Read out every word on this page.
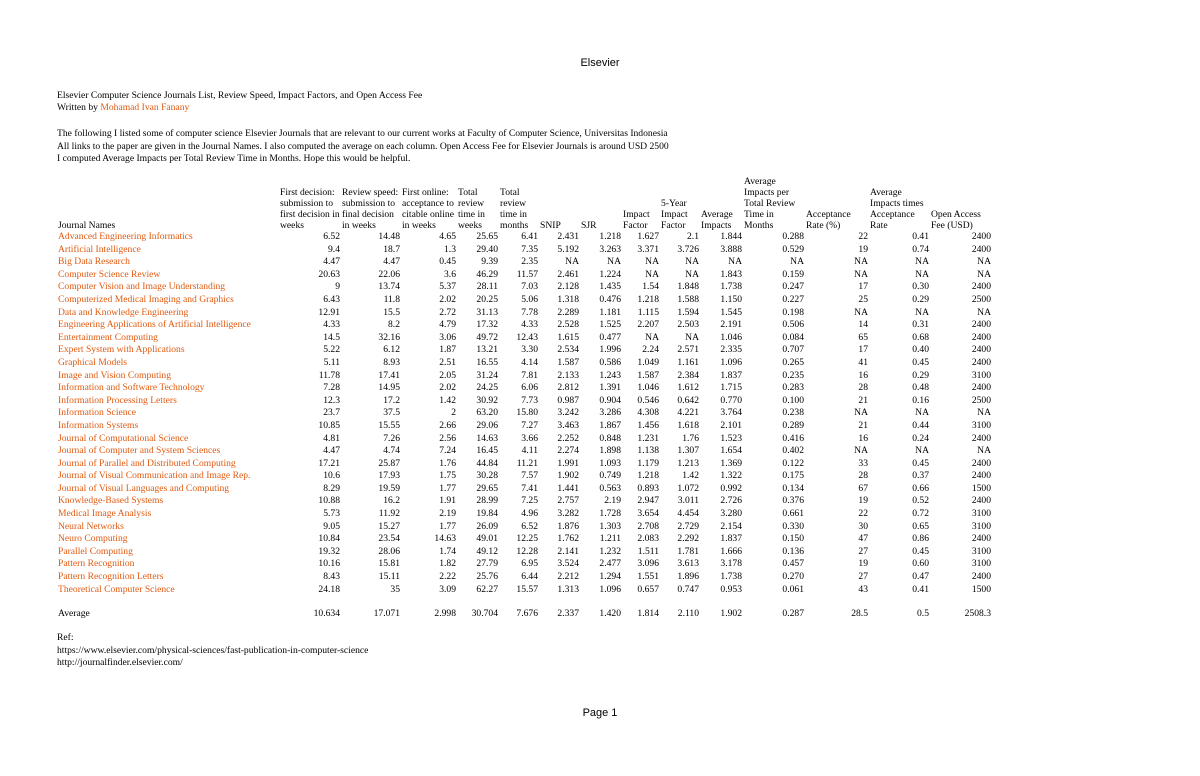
Elsevier
Elsevier Computer Science Journals List, Review Speed, Impact Factors, and Open Access Fee
Written by Mohamad Ivan Fanany
The following I listed some of computer science Elsevier Journals that are relevant to our current works at Faculty of Computer Science, Universitas Indonesia
All links to the paper are given in the Journal Names. I also computed the average on each column. Open Access Fee for Elsevier Journals is around USD 2500
I computed Average Impacts per Total Review Time in Months. Hope this would be helpful.
Journal Names	First decision: submission to first decision in weeks	Review speed: submission to final decision in weeks	First online: acceptance to citable online in weeks	Total review time in weeks	Total review time in months	SNIP	SJR	Impact Factor	5-Year Impact Factor	Average Impacts	Average Impacts per Total Review Time in Months	Acceptance Rate (%)	Average Impacts times Acceptance Rate	Open Access Fee (USD)
Advanced Engineering Informatics	6.52	14.48	4.65	25.65	6.41	2.431	1.218	1.627	2.1	1.844	0.288	22	0.41	2400
Artificial Intelligence	9.4	18.7	1.3	29.40	7.35	5.192	3.263	3.371	3.726	3.888	0.529	19	0.74	2400
Big Data Research	4.47	4.47	0.45	9.39	2.35	NA	NA	NA	NA	NA	NA	NA	NA	NA
Computer Science Review	20.63	22.06	3.6	46.29	11.57	2.461	1.224	NA	NA	1.843	0.159	NA	NA	NA
Computer Vision and Image Understanding	9	13.74	5.37	28.11	7.03	2.128	1.435	1.54	1.848	1.738	0.247	17	0.30	2400
Computerized Medical Imaging and Graphics	6.43	11.8	2.02	20.25	5.06	1.318	0.476	1.218	1.588	1.150	0.227	25	0.29	2500
Data and Knowledge Engineering	12.91	15.5	2.72	31.13	7.78	2.289	1.181	1.115	1.594	1.545	0.198	NA	NA	NA
Engineering Applications of Artificial Intelligence	4.33	8.2	4.79	17.32	4.33	2.528	1.525	2.207	2.503	2.191	0.506	14	0.31	2400
Entertainment Computing	14.5	32.16	3.06	49.72	12.43	1.615	0.477	NA	NA	1.046	0.084	65	0.68	2400
Expert System with Applications	5.22	6.12	1.87	13.21	3.30	2.534	1.996	2.24	2.571	2.335	0.707	17	0.40	2400
Graphical Models	5.11	8.93	2.51	16.55	4.14	1.587	0.586	1.049	1.161	1.096	0.265	41	0.45	2400
Image and Vision Computing	11.78	17.41	2.05	31.24	7.81	2.133	1.243	1.587	2.384	1.837	0.235	16	0.29	3100
Information and Software Technology	7.28	14.95	2.02	24.25	6.06	2.812	1.391	1.046	1.612	1.715	0.283	28	0.48	2400
Information Processing Letters	12.3	17.2	1.42	30.92	7.73	0.987	0.904	0.546	0.642	0.770	0.100	21	0.16	2500
Information Science	23.7	37.5	2	63.20	15.80	3.242	3.286	4.308	4.221	3.764	0.238	NA	NA	NA
Information Systems	10.85	15.55	2.66	29.06	7.27	3.463	1.867	1.456	1.618	2.101	0.289	21	0.44	3100
Journal of Computational Science	4.81	7.26	2.56	14.63	3.66	2.252	0.848	1.231	1.76	1.523	0.416	16	0.24	2400
Journal of Computer and System Sciences	4.47	4.74	7.24	16.45	4.11	2.274	1.898	1.138	1.307	1.654	0.402	NA	NA	NA
Journal of Parallel and Distributed Computing	17.21	25.87	1.76	44.84	11.21	1.991	1.093	1.179	1.213	1.369	0.122	33	0.45	2400
Journal of Visual Communication and Image Rep.	10.6	17.93	1.75	30.28	7.57	1.902	0.749	1.218	1.42	1.322	0.175	28	0.37	2400
Journal of Visual Languages and Computing	8.29	19.59	1.77	29.65	7.41	1.441	0.563	0.893	1.072	0.992	0.134	67	0.66	1500
Knowledge-Based Systems	10.88	16.2	1.91	28.99	7.25	2.757	2.19	2.947	3.011	2.726	0.376	19	0.52	2400
Medical Image Analysis	5.73	11.92	2.19	19.84	4.96	3.282	1.728	3.654	4.454	3.280	0.661	22	0.72	3100
Neural Networks	9.05	15.27	1.77	26.09	6.52	1.876	1.303	2.708	2.729	2.154	0.330	30	0.65	3100
Neuro Computing	10.84	23.54	14.63	49.01	12.25	1.762	1.211	2.083	2.292	1.837	0.150	47	0.86	2400
Parallel Computing	19.32	28.06	1.74	49.12	12.28	2.141	1.232	1.511	1.781	1.666	0.136	27	0.45	3100
Pattern Recognition	10.16	15.81	1.82	27.79	6.95	3.524	2.477	3.096	3.613	3.178	0.457	19	0.60	3100
Pattern Recognition Letters	8.43	15.11	2.22	25.76	6.44	2.212	1.294	1.551	1.896	1.738	0.270	27	0.47	2400
Theoretical Computer Science	24.18	35	3.09	62.27	15.57	1.313	1.096	0.657	0.747	0.953	0.061	43	0.41	1500
Average	10.634	17.071	2.998	30.704	7.676	2.337	1.420	1.814	2.110	1.902	0.287	28.5	0.5	2508.3
Ref:
https://www.elsevier.com/physical-sciences/fast-publication-in-computer-science
http://journalfinder.elsevier.com/
Page 1
